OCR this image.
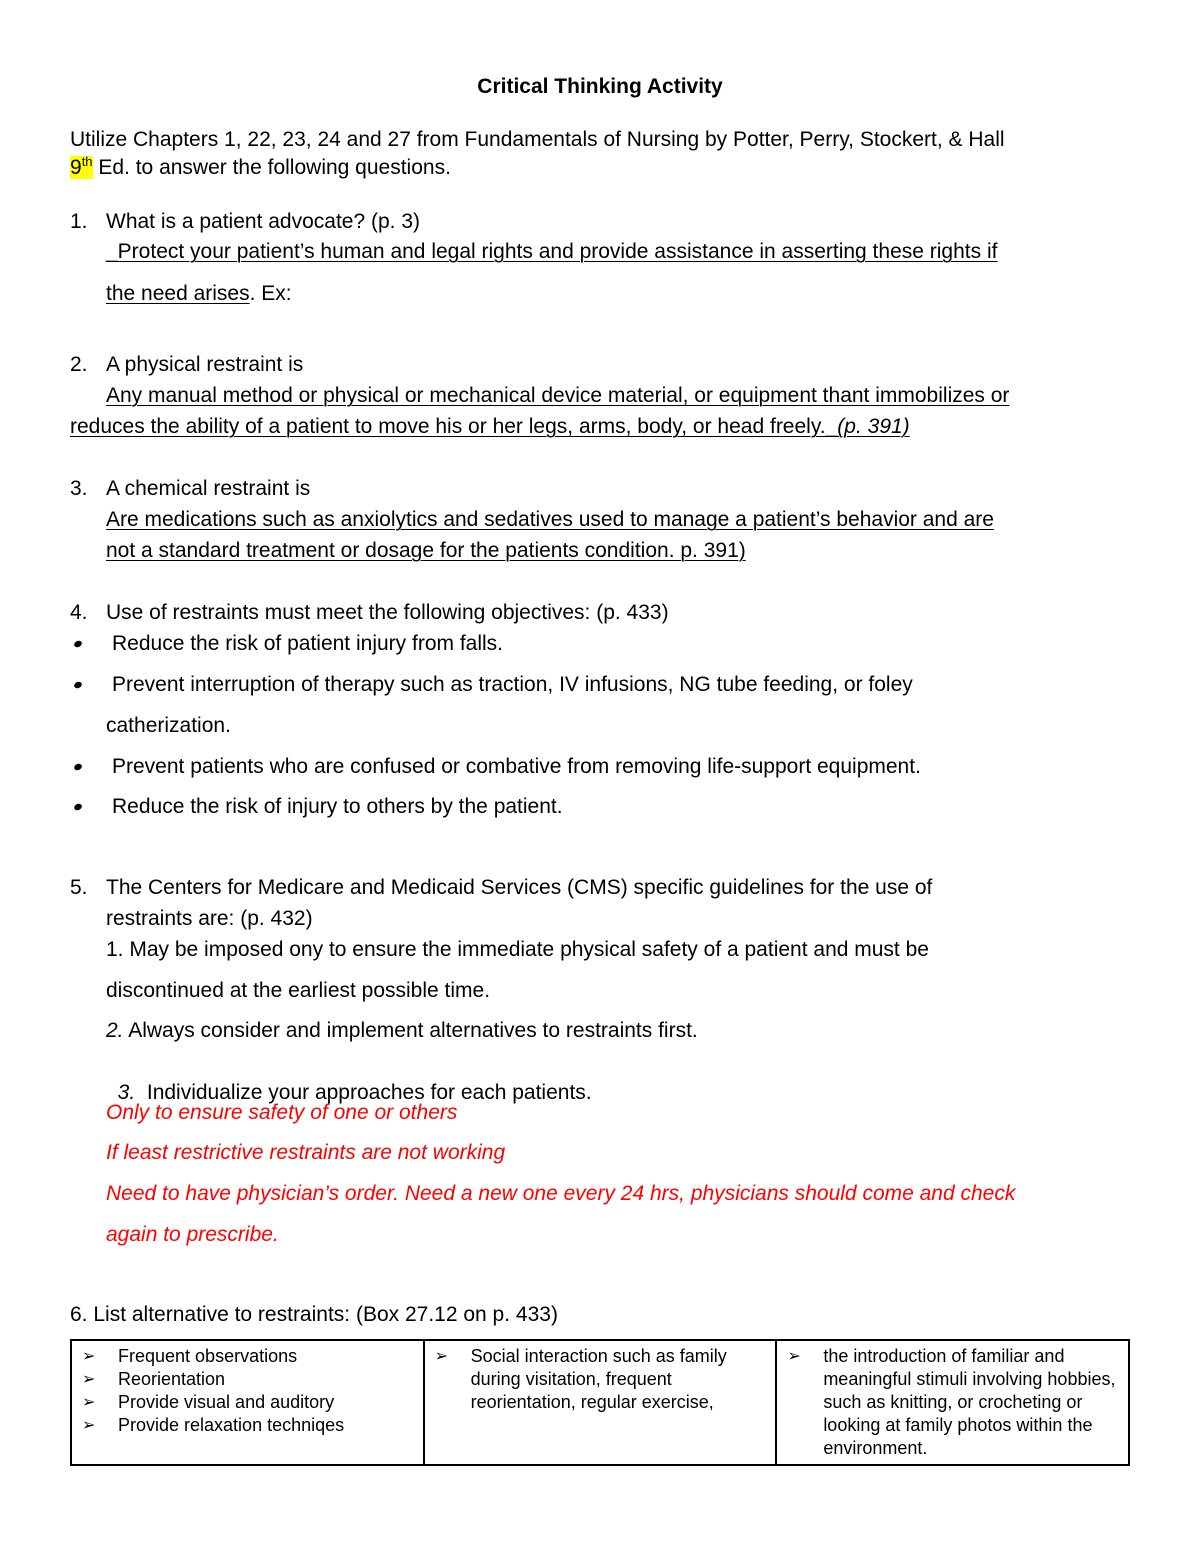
Critical Thinking Activity
Utilize Chapters 1, 22, 23, 24 and 27 from Fundamentals of Nursing by Potter, Perry, Stockert, & Hall
9th Ed. to answer the following questions.
1. What is a patient advocate? (p. 3)
_Protect your patient’s human and legal rights and provide assistance in asserting these rights if
the need arises. Ex:
2. A physical restraint is
Any manual method or physical or mechanical device material, or equipment thant immobilizes or
reduces the ability of a patient to move his or her legs, arms, body, or head freely._(p. 391)
3. A chemical restraint is
Are medications such as anxiolytics and sedatives used to manage a patient’s behavior and are
not a standard treatment or dosage for the patients condition. p. 391)
4. Use of restraints must meet the following objectives: (p. 433)
Reduce the risk of patient injury from falls.
Prevent interruption of therapy such as traction, IV infusions, NG tube feeding, or foley
catherization.
Prevent patients who are confused or combative from removing life-support equipment.
Reduce the risk of injury to others by the patient.
5. The Centers for Medicare and Medicaid Services (CMS) specific guidelines for the use of
restraints are: (p. 432)
1. May be imposed ony to ensure the immediate physical safety of a patient and must be
discontinued at the earliest possible time.
2. Always consider and implement alternatives to restraints first.

3.  Individualize your approaches for each patients.

Only to ensure safety of one or others
If least restrictive restraints are not working
Need to have physician’s order. Need a new one every 24 hrs, physicians should come and check
again to prescribe.
6. List alternative to restraints: (Box 27.12 on p. 433)
➢ Frequent observations
➢ Reorientation
➢ Provide visual and auditory
➢ Provide relaxation techniqes

➢ Social interaction such as family during visitation, frequent reorientation, regular exercise,

➢ the introduction of familiar and meaningful stimuli involving hobbies, such as knitting, or crocheting or looking at family photos within the environment.
